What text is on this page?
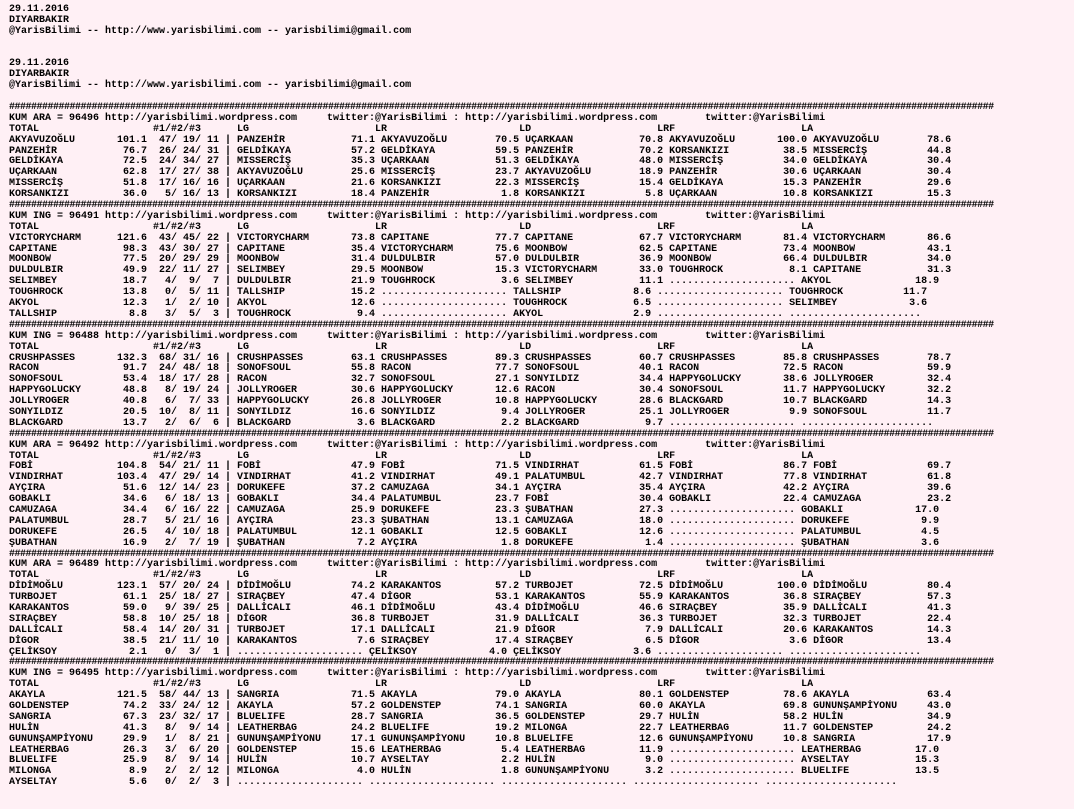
29.11.2016
DIYARBAKIR
@YarisBilimi -- http://www.yarisbilimi.com -- yarisbilimi@gmail.com

29.11.2016
DIYARBAKIR
@YarisBilimi -- http://www.yarisbilimi.com -- yarisbilimi@gmail.com

###################################################################################################################################################################################
KUM ARA = 96496 http://yarisbilimi.wordpress.com     twitter:@YarisBilimi : http://yarisbilimi.wordpress.com        twitter:@YarisBilimi
TOTAL                   #1/#2/#3      LG                     LR                      LD                     LRF                     LA
AKYAVUZOĞLU       101.1  47/ 19/ 11 | PANZEHİR           71.1 AKYAVUZOĞLU        70.5 UÇARKAAN           70.8 AKYAVUZOĞLU       100.0 AKYAVUZOĞLU        78.6
PANZEHİR           76.7  26/ 24/ 31 | GELDİKAYA          57.2 GELDİKAYA          59.5 PANZEHİR           70.2 KORSANKIZI         38.5 MISSERCİŞ          44.8
GELDİKAYA          72.5  24/ 34/ 27 | MISSERCİŞ          35.3 UÇARKAAN           51.3 GELDİKAYA          48.0 MISSERCİŞ          34.0 GELDİKAYA          30.4
UÇARKAAN           62.8  17/ 27/ 38 | AKYAVUZOĞLU        25.6 MISSERCİŞ          23.7 AKYAVUZOĞLU        18.9 PANZEHİR           30.6 UÇARKAAN           30.4
MISSERCİŞ          51.8  17/ 16/ 16 | UÇARKAAN           21.6 KORSANKIZI         22.3 MISSERCİŞ          15.4 GELDİKAYA          15.3 PANZEHİR           29.6
KORSANKIZI         36.0   5/ 16/ 13 | KORSANKIZI         18.4 PANZEHİR            1.8 KORSANKIZI          5.8 UÇARKAAN           10.8 KORSANKIZI         15.3
###################################################################################################################################################################################
KUM ING = 96491 http://yarisbilimi.wordpress.com     twitter:@YarisBilimi : http://yarisbilimi.wordpress.com        twitter:@YarisBilimi
TOTAL                   #1/#2/#3      LG                     LR                      LD                     LRF                     LA
VICTORYCHARM      121.6  43/ 45/ 22 | VICTORYCHARM       73.8 CAPITANE           77.7 CAPITANE           67.7 VICTORYCHARM       81.4 VICTORYCHARM       86.6
CAPITANE           98.3  43/ 30/ 27 | CAPITANE           35.4 VICTORYCHARM       75.6 MOONBOW            62.5 CAPITANE           73.4 MOONBOW            43.1
MOONBOW            77.5  20/ 29/ 29 | MOONBOW            31.4 DULDULBIR          57.0 DULDULBIR          36.9 MOONBOW            66.4 DULDULBIR          34.0
DULDULBIR          49.9  22/ 11/ 27 | SELIMBEY           29.5 MOONBOW            15.3 VICTORYCHARM       33.0 TOUGHROCK           8.1 CAPITANE           31.3
SELIMBEY           18.7   4/  9/  7 | DULDULBIR          21.9 TOUGHROCK           3.6 SELIMBEY           11.1 ..................... AKYOL              18.9
TOUGHROCK          13.8   0/  5/ 11 | TALLSHIP           15.2 ..................... TALLSHIP            8.6 ..................... TOUGHROCK          11.7
AKYOL              12.3   1/  2/ 10 | AKYOL              12.6 ..................... TOUGHROCK           6.5 ..................... SELIMBEY            3.6
TALLSHIP            8.8   3/  5/  3 | TOUGHROCK           9.4 ..................... AKYOL               2.9 ..................... ......................
###################################################################################################################################################################################
KUM ING = 96488 http://yarisbilimi.wordpress.com     twitter:@YarisBilimi : http://yarisbilimi.wordpress.com        twitter:@YarisBilimi
TOTAL                   #1/#2/#3      LG                     LR                      LD                     LRF                     LA
CRUSHPASSES       132.3  68/ 31/ 16 | CRUSHPASSES        63.1 CRUSHPASSES        89.3 CRUSHPASSES        60.7 CRUSHPASSES        85.8 CRUSHPASSES        78.7
RACON              91.7  24/ 48/ 18 | SONOFSOUL          55.8 RACON              77.7 SONOFSOUL          40.1 RACON              72.5 RACON              59.9
SONOFSOUL          53.4  18/ 17/ 28 | RACON              32.7 SONOFSOUL          27.1 SONYILDIZ          34.4 HAPPYGOLUCKY       38.6 JOLLYROGER         32.4
HAPPYGOLUCKY       48.8   8/ 19/ 24 | JOLLYROGER         30.6 HAPPYGOLUCKY       12.6 RACON              30.4 SONOFSOUL          11.7 HAPPYGOLUCKY       32.2
JOLLYROGER         40.8   6/  7/ 33 | HAPPYGOLUCKY       26.8 JOLLYROGER         10.8 HAPPYGOLUCKY       28.6 BLACKGARD          10.7 BLACKGARD          14.3
SONYILDIZ          20.5  10/  8/ 11 | SONYILDIZ          16.6 SONYILDIZ           9.4 JOLLYROGER         25.1 JOLLYROGER          9.9 SONOFSOUL          11.7
BLACKGARD          13.7   2/  6/  6 | BLACKGARD           3.6 BLACKGARD           2.2 BLACKGARD           9.7 ..................... ......................
###################################################################################################################################################################################
KUM ARA = 96492 http://yarisbilimi.wordpress.com     twitter:@YarisBilimi : http://yarisbilimi.wordpress.com        twitter:@YarisBilimi
TOTAL                   #1/#2/#3      LG                     LR                      LD                     LRF                     LA
FOBİ              104.8  54/ 21/ 11 | FOBİ               47.9 FOBİ               71.5 VINDIRHAT          61.5 FOBİ               86.7 FOBİ               69.7
VINDIRHAT         103.4  47/ 29/ 14 | VINDIRHAT          41.2 VINDIRHAT          49.1 PALATUMBUL         42.7 VINDIRHAT          77.8 VINDIRHAT          61.8
AYÇIRA             51.6  12/ 14/ 23 | DORUKEFE           37.2 CAMUZAGA           34.1 AYÇIRA             35.4 AYÇIRA             42.2 AYÇIRA             39.6
GOBAKLI            34.6   6/ 18/ 13 | GOBAKLI            34.4 PALATUMBUL         23.7 FOBİ               30.4 GOBAKLI            22.4 CAMUZAGA           23.2
CAMUZAGA           34.4   6/ 16/ 22 | CAMUZAGA           25.9 DORUKEFE           23.3 ŞUBATHAN           27.3 ..................... GOBAKLI            17.0
PALATUMBUL         28.7   5/ 21/ 16 | AYÇIRA             23.3 ŞUBATHAN           13.1 CAMUZAGA           18.0 ..................... DORUKEFE            9.9
DORUKEFE           26.5   4/ 10/ 18 | PALATUMBUL         12.1 GOBAKLI            12.5 GOBAKLI            12.6 ..................... PALATUMBUL          4.5
ŞUBATHAN           16.9   2/  7/ 19 | ŞUBATHAN            7.2 AYÇIRA              1.8 DORUKEFE            1.4 ..................... ŞUBATHAN            3.6
###################################################################################################################################################################################
KUM ARA = 96489 http://yarisbilimi.wordpress.com     twitter:@YarisBilimi : http://yarisbilimi.wordpress.com        twitter:@YarisBilimi
TOTAL                   #1/#2/#3      LG                     LR                      LD                     LRF                     LA
DİDİMOĞLU         123.1  57/ 20/ 24 | DİDİMOĞLU          74.2 KARAKANTOS         57.2 TURBOJET           72.5 DİDİMOĞLU         100.0 DİDİMOĞLU          80.4
TURBOJET           61.1  25/ 18/ 27 | SIRAÇBEY           47.4 DİGOR              53.1 KARAKANTOS         55.9 KARAKANTOS         36.8 SIRAÇBEY           57.3
KARAKANTOS         59.0   9/ 39/ 25 | DALLİCALI          46.1 DİDİMOĞLU          43.4 DİDİMOĞLU          46.6 SIRAÇBEY           35.9 DALLİCALI          41.3
SIRAÇBEY           58.8  10/ 25/ 18 | DİGOR              36.8 TURBOJET           31.9 DALLİCALI          36.3 TURBOJET           32.3 TURBOJET           22.4
DALLİCALI          58.4  14/ 20/ 31 | TURBOJET           17.1 DALLİCALI          21.9 DİGOR               7.9 DALLİCALI          20.6 KARAKANTOS         14.3
DİGOR              38.5  21/ 11/ 10 | KARAKANTOS          7.6 SIRAÇBEY           17.4 SIRAÇBEY            6.5 DİGOR               3.6 DİGOR              13.4
ÇELİKSOY            2.1   0/  3/  1 | ..................... ÇELİKSOY            4.0 ÇELİKSOY            3.6 ..................... ......................
###################################################################################################################################################################################
KUM ING = 96495 http://yarisbilimi.wordpress.com     twitter:@YarisBilimi : http://yarisbilimi.wordpress.com        twitter:@YarisBilimi
TOTAL                   #1/#2/#3      LG                     LR                      LD                     LRF                     LA
AKAYLA            121.5  58/ 44/ 13 | SANGRIA            71.5 AKAYLA             79.0 AKAYLA             80.1 GOLDENSTEP         78.6 AKAYLA             63.4
GOLDENSTEP         74.2  33/ 24/ 12 | AKAYLA             57.2 GOLDENSTEP         74.1 SANGRIA            60.0 AKAYLA             69.8 GUNUNŞAMPİYONU     43.0
SANGRIA            67.3  23/ 32/ 17 | BLUELIFE           28.7 SANGRIA            36.5 GOLDENSTEP         29.7 HULİN              58.2 HULİN              34.9
HULİN              41.3   8/  9/ 14 | LEATHERBAG         24.2 BLUELIFE           19.2 MILONGA            22.7 LEATHERBAG         11.7 GOLDENSTEP         24.2
GUNUNŞAMPİYONU     29.9   1/  8/ 21 | GUNUNŞAMPİYONU     17.1 GUNUNŞAMPİYONU     10.8 BLUELIFE           12.6 GUNUNŞAMPİYONU     10.8 SANGRIA            17.9
LEATHERBAG         26.3   3/  6/ 20 | GOLDENSTEP         15.6 LEATHERBAG          5.4 LEATHERBAG         11.9 ..................... LEATHERBAG         17.0
BLUELIFE           25.9   8/  9/ 14 | HULİN              10.7 AYSELTAY            2.2 HULİN               9.0 ..................... AYSELTAY           15.3
MILONGA             8.9   2/  2/ 12 | MILONGA             4.0 HULİN               1.8 GUNUNŞAMPİYONU      3.2 ..................... BLUELIFE           13.5
AYSELTAY            5.6   0/  2/  3 | ..................... ..................... ..................... ..................... ......................
